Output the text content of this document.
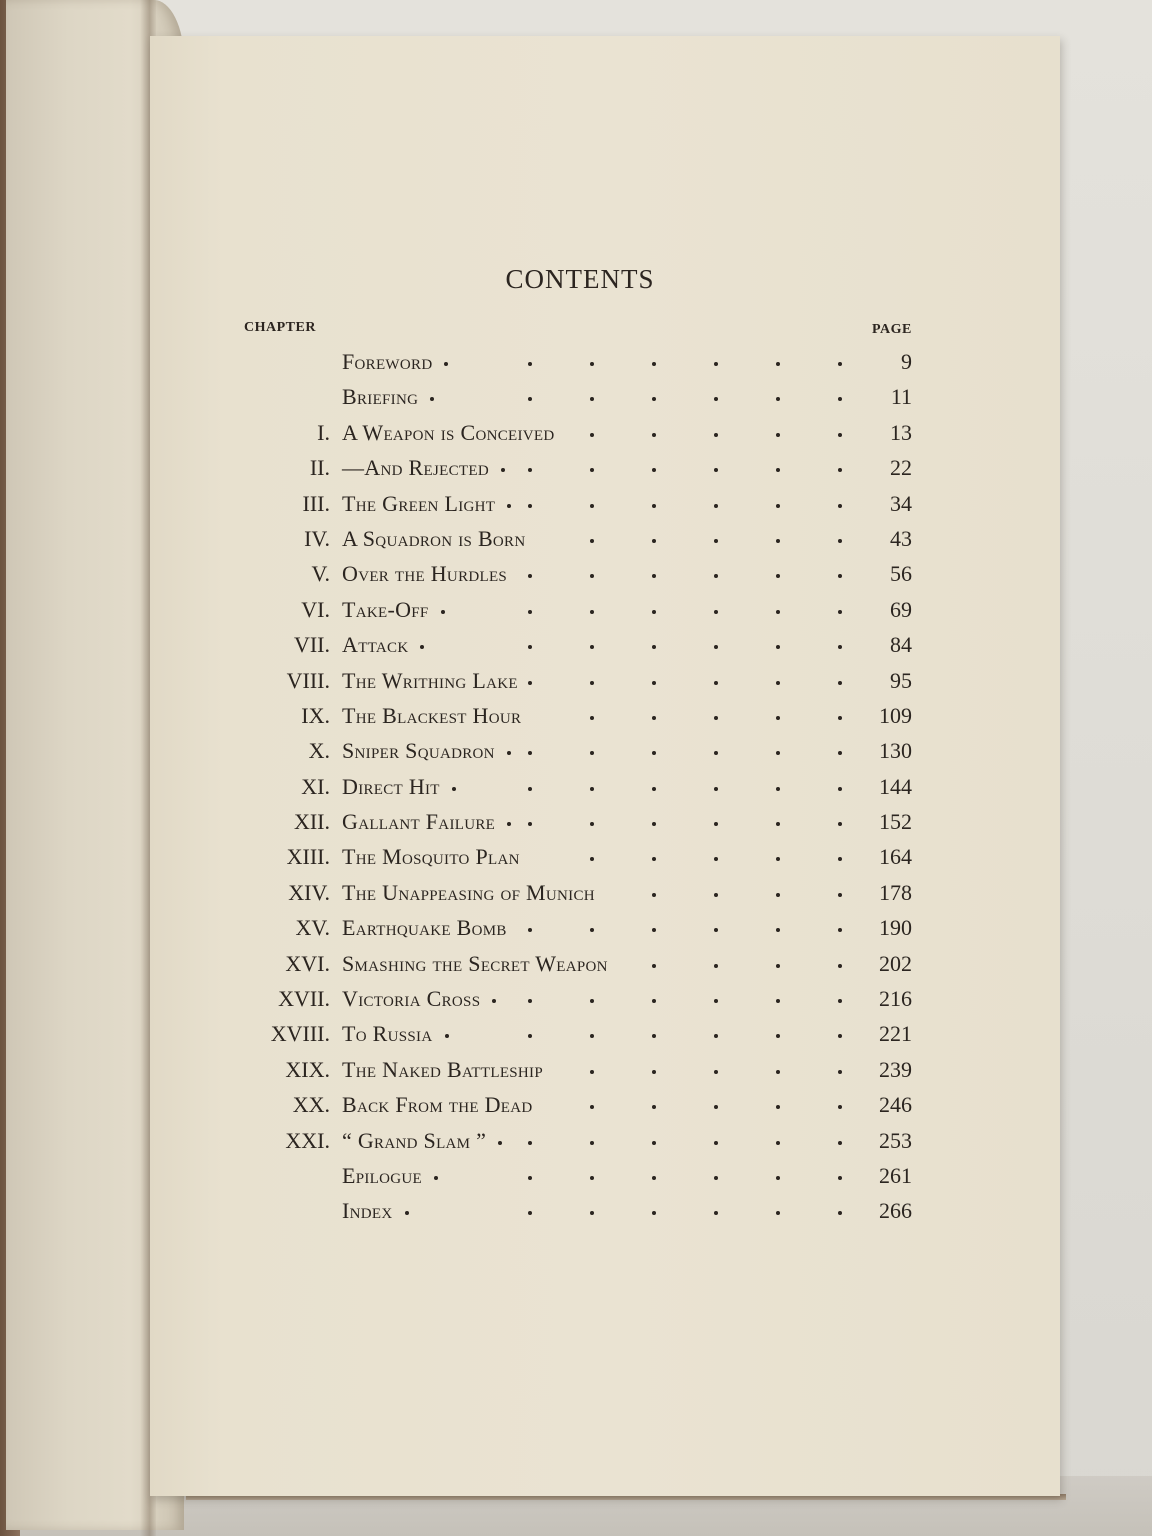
CONTENTS
CHAPTER	PAGE
Foreword	9
Briefing	11
I. A Weapon is Conceived	13
II. —And Rejected	22
III. The Green Light	34
IV. A Squadron is Born	43
V. Over the Hurdles	56
VI. Take-Off	69
VII. Attack	84
VIII. The Writhing Lake	95
IX. The Blackest Hour	109
X. Sniper Squadron	130
XI. Direct Hit	144
XII. Gallant Failure	152
XIII. The Mosquito Plan	164
XIV. The Unappeasing of Munich	178
XV. Earthquake Bomb	190
XVI. Smashing the Secret Weapon	202
XVII. Victoria Cross	216
XVIII. To Russia	221
XIX. The Naked Battleship	239
XX. Back From the Dead	246
XXI. “ Grand Slam ”	253
Epilogue	261
Index	266
